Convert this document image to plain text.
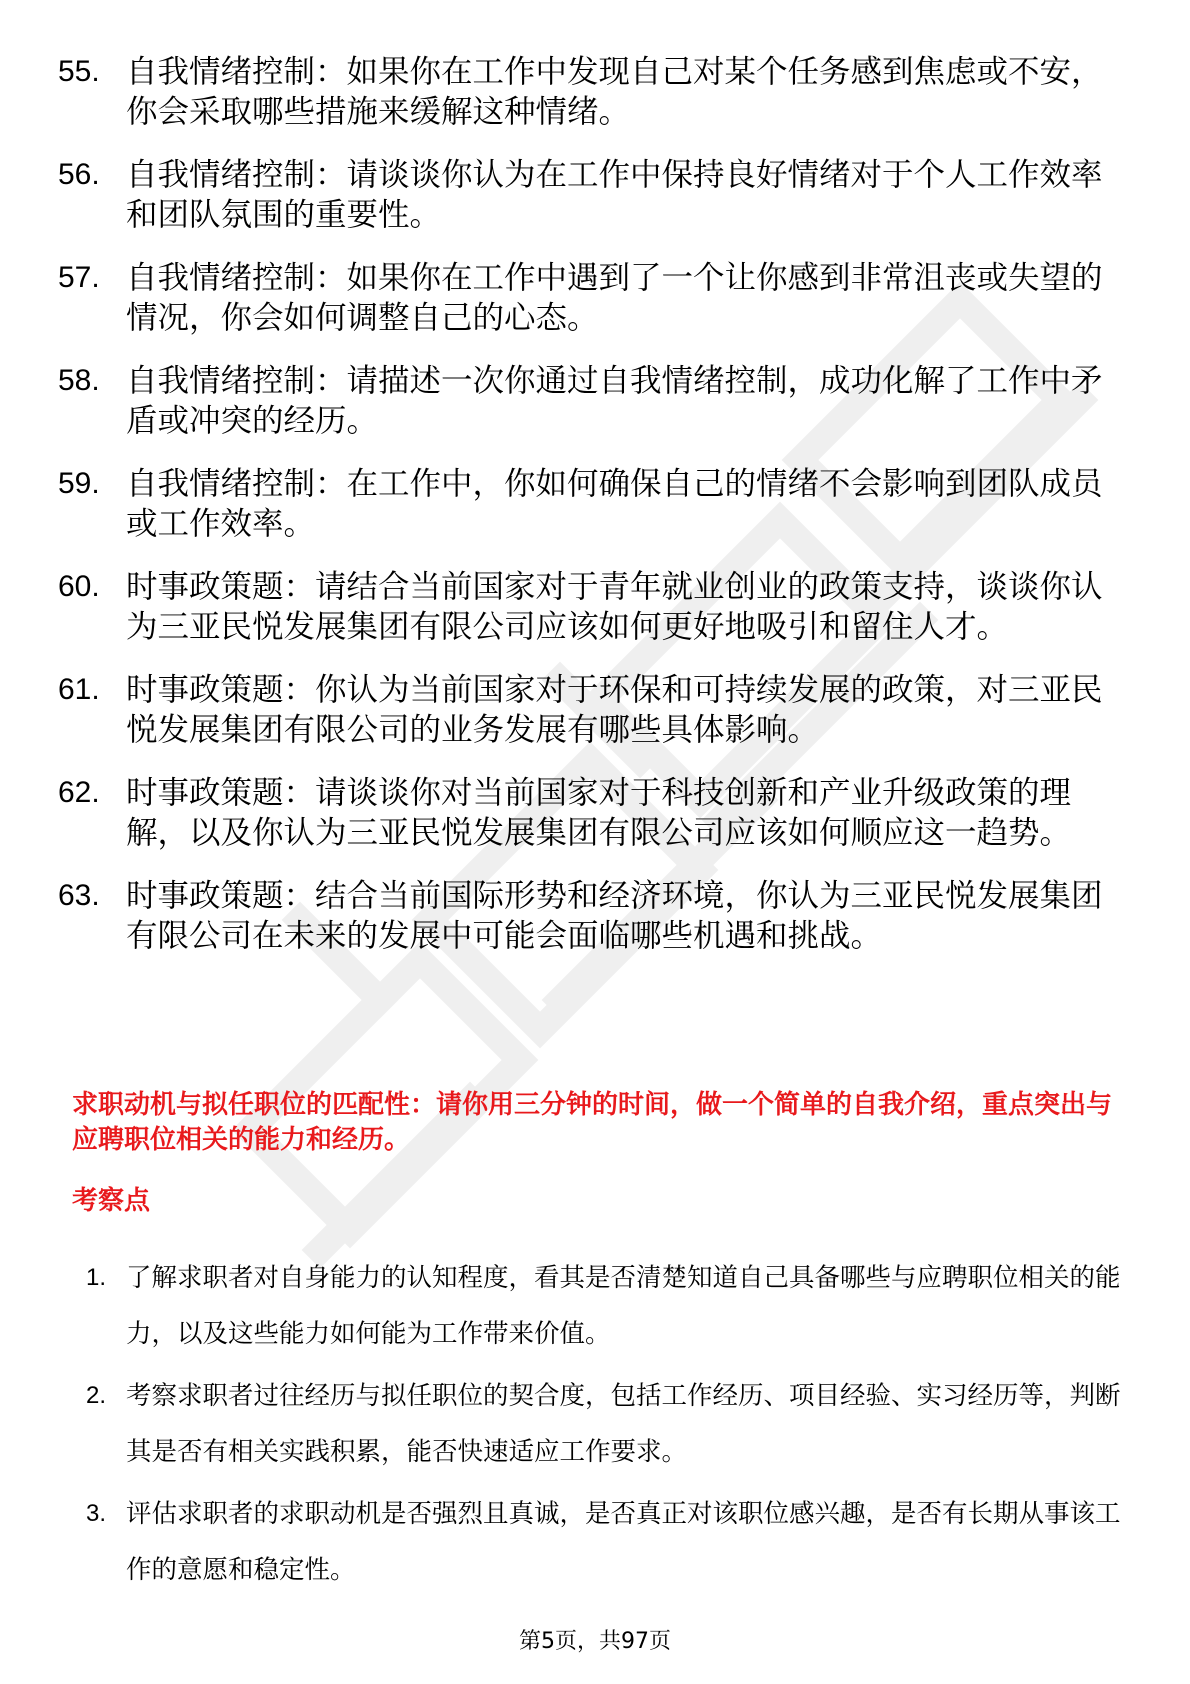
55. 自我情绪控制：如果你在工作中发现自己对某个任务感到焦虑或不安，你会采取哪些措施来缓解这种情绪。
56. 自我情绪控制：请谈谈你认为在工作中保持良好情绪对于个人工作效率和团队氛围的重要性。
57. 自我情绪控制：如果你在工作中遇到了一个让你感到非常沮丧或失望的情况，你会如何调整自己的心态。
58. 自我情绪控制：请描述一次你通过自我情绪控制，成功化解了工作中矛盾或冲突的经历。
59. 自我情绪控制：在工作中，你如何确保自己的情绪不会影响到团队成员或工作效率。
60. 时事政策题：请结合当前国家对于青年就业创业的政策支持，谈谈你认为三亚民悦发展集团有限公司应该如何更好地吸引和留住人才。
61. 时事政策题：你认为当前国家对于环保和可持续发展的政策，对三亚民悦发展集团有限公司的业务发展有哪些具体影响。
62. 时事政策题：请谈谈你对当前国家对于科技创新和产业升级政策的理解，以及你认为三亚民悦发展集团有限公司应该如何顺应这一趋势。
63. 时事政策题：结合当前国际形势和经济环境，你认为三亚民悦发展集团有限公司在未来的发展中可能会面临哪些机遇和挑战。

求职动机与拟任职位的匹配性：请你用三分钟的时间，做一个简单的自我介绍，重点突出与应聘职位相关的能力和经历。

考察点

1. 了解求职者对自身能力的认知程度，看其是否清楚知道自己具备哪些与应聘职位相关的能力，以及这些能力如何能为工作带来价值。
2. 考察求职者过往经历与拟任职位的契合度，包括工作经历、项目经验、实习经历等，判断其是否有相关实践积累，能否快速适应工作要求。
3. 评估求职者的求职动机是否强烈且真诚，是否真正对该职位感兴趣，是否有长期从事该工作的意愿和稳定性。
第5页，共97页
